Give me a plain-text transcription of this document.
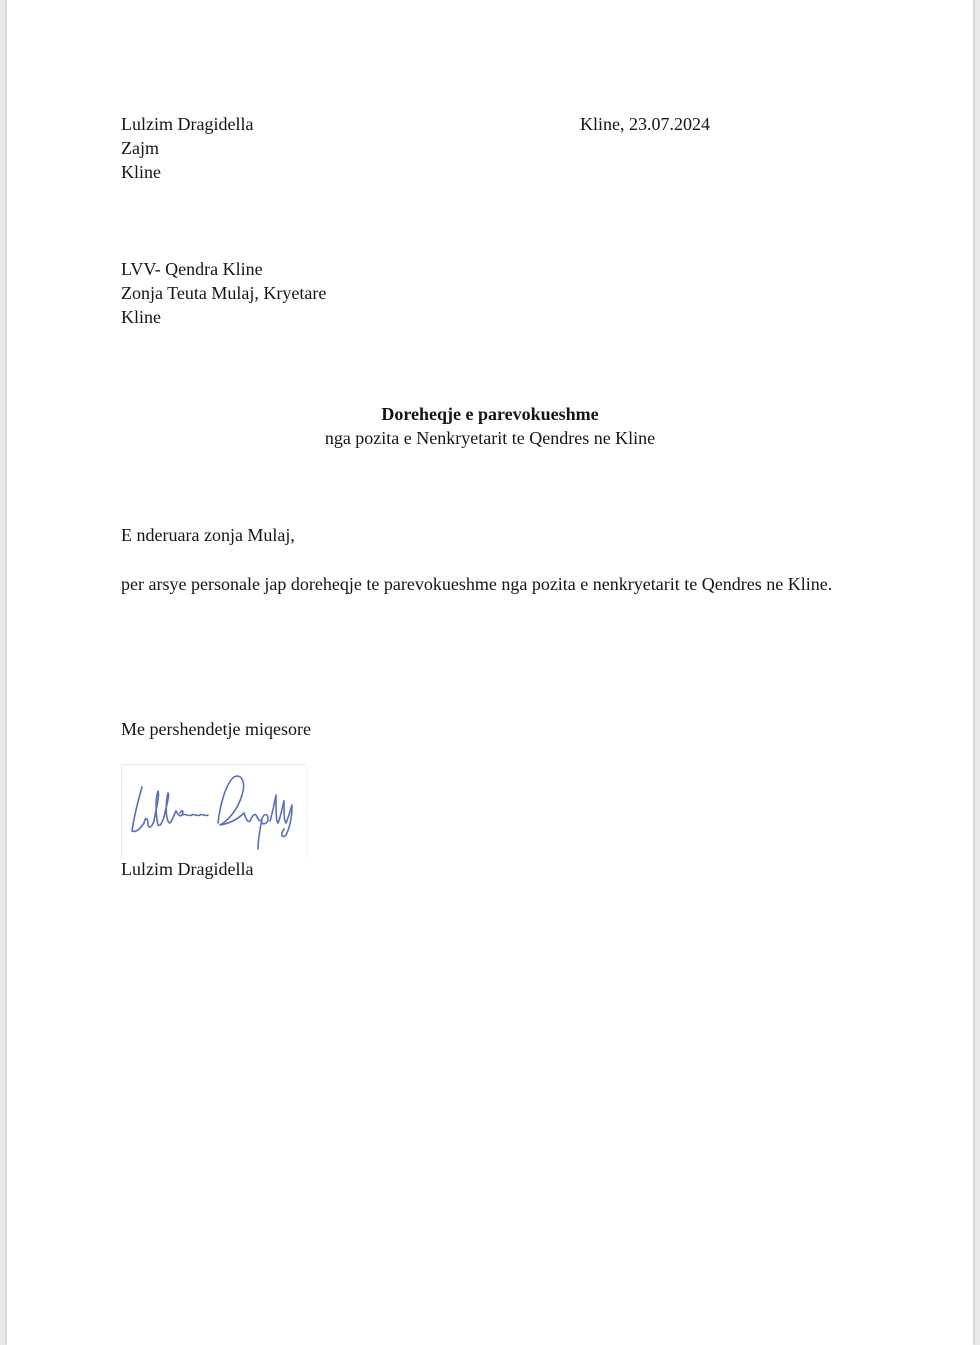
Lulzim Dragidella
Zajm
Kline
Kline, 23.07.2024
LVV- Qendra Kline
Zonja Teuta Mulaj, Kryetare
Kline
Doreheqje e parevokueshme
nga pozita e Nenkryetarit te Qendres ne Kline
E nderuara zonja Mulaj,
per arsye personale jap doreheqje te parevokueshme nga pozita e nenkryetarit te Qendres ne Kline.
Me pershendetje miqesore
Lulzim Dragidella
